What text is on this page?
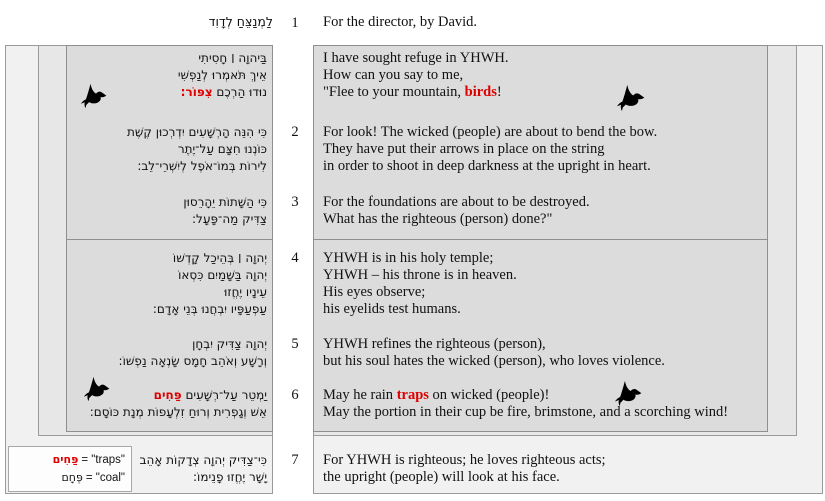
לַמְנַצֵּחַ לְדָוִד	1	For the director, by David.
2
3
4
5
6
7
בַּיהוָה ׀ חָסִיתִי
אֵיךְ תֹּאמְרוּ לְנַפְשִׁי
נוּדוּ הַרְכֶם צִפּוֹר:
כִּי הִנֵּה הָרְשָׁעִים יִדְרְכוּן קֶשֶׁת
כּוֹנְנוּ חִצָּם עַל־יֶתֶר
לִירוֹת בְּמוֹ־אֹפֶל לְיִשְׁרֵי־לֵב:
כִּי הַשָּׁתוֹת יֵהָרֵסוּן
צַדִּיק מַה־פָּעָל:
יְהוָה ׀ בְּהֵיכַל קָדְשׁוֹ
יְהוָה בַּשָּׁמַיִם כִּסְאוֹ
עֵינָיו יֶחֱזוּ
עַפְעַפָּיו יִבְחֲנוּ בְּנֵי אָדָם:
יְהוָה צַדִּיק יִבְחָן
וְרָשָׁע וְאֹהֵב חָמָס שָׂנְאָה נַפְשׁוֹ:
יַמְטֵר עַל־רְשָׁעִים פַּחִים
אֵשׁ וְגָפְרִית וְרוּחַ זִלְעָפוֹת מְנָת כּוֹסָם:
כִּי־צַדִּיק יְהוָה צְדָקוֹת אָהֵב
יָשָׁר יֶחֱזוּ פָנֵימוֹ:
I have sought refuge in YHWH.
How can you say to me,
"Flee to your mountain, birds!
For look! The wicked (people) are about to bend the bow.
They have put their arrows in place on the string
in order to shoot in deep darkness at the upright in heart.
For the foundations are about to be destroyed.
What has the righteous (person) done?"
YHWH is in his holy temple;
YHWH – his throne is in heaven.
His eyes observe;
his eyelids test humans.
YHWH refines the righteous (person),
but his soul hates the wicked (person), who loves violence.
May he rain traps on wicked (people)!
May the portion in their cup be fire, brimstone, and a scorching wind!
For YHWH is righteous; he loves righteous acts;
the upright (people) will look at his face.
פַּחִים = "traps"
פֶּחָם = "coal"
